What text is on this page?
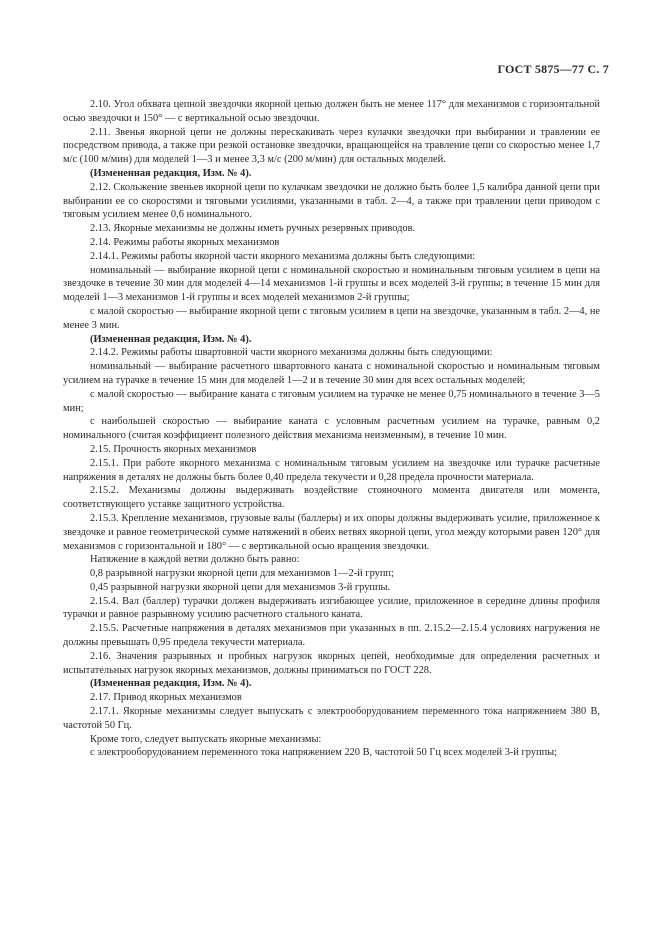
ГОСТ 5875—77 С. 7

2.10. Угол обхвата цепной звездочки якорной цепью должен быть не менее 117° для механизмов с горизонтальной осью звездочки и 150° — с вертикальной осью звездочки.

2.11. Звенья якорной цепи не должны перескакивать через кулачки звездочки при выбирании и травлении ее посредством привода, а также при резкой остановке звездочки, вращающейся на травление цепи со скоростью менее 1,7 м/с (100 м/мин) для моделей 1—3 и менее 3,3 м/с (200 м/мин) для остальных моделей.

(Измененная редакция, Изм. № 4).

2.12. Скольжение звеньев якорной цепи по кулачкам звездочки не должно быть более 1,5 калибра данной цепи при выбирании ее со скоростями и тяговыми усилиями, указанными в табл. 2—4, а также при травлении цепи приводом с тяговым усилием менее 0,6 номинального.

2.13. Якорные механизмы не должны иметь ручных резервных приводов.

2.14. Режимы работы якорных механизмов

2.14.1. Режимы работы якорной части якорного механизма должны быть следующими:

номинальный — выбирание якорной цепи с номинальной скоростью и номинальным тяговым усилием в цепи на звездочке в течение 30 мин для моделей 4—14 механизмов 1-й группы и всех моделей 3-й группы; в течение 15 мин для моделей 1—3 механизмов 1-й группы и всех моделей механизмов 2-й группы;

с малой скоростью — выбирание якорной цепи с тяговым усилием в цепи на звездочке, указанным в табл. 2—4, не менее 3 мин.

(Измененная редакция, Изм. № 4).

2.14.2. Режимы работы швартовной части якорного механизма должны быть следующими:

номинальный — выбирание расчетного швартовного каната с номинальной скоростью и номинальным тяговым усилием на турачке в течение 15 мин для моделей 1—2 и в течение 30 мин для всех остальных моделей;

с малой скоростью — выбирание каната с тяговым усилием на турачке не менее 0,75 номинального в течение 3—5 мин;

с наибольшей скоростью — выбирание каната с условным расчетным усилием на турачке, равным 0,2 номинального (считая коэффициент полезного действия механизма неизменным), в течение 10 мин.

2.15. Прочность якорных механизмов

2.15.1. При работе якорного механизма с номинальным тяговым усилием на звездочке или турачке расчетные напряжения в деталях не должны быть более 0,40 предела текучести и 0,28 предела прочности материала.

2.15.2. Механизмы должны выдерживать воздействие стояночного момента двигателя или момента, соответствующего уставке защитного устройства.

2.15.3. Крепление механизмов, грузовые валы (баллеры) и их опоры должны выдерживать усилие, приложенное к звездочке и равное геометрической сумме натяжений в обеих ветвях якорной цепи, угол между которыми равен 120° для механизмов с горизонтальной и 180° — с вертикальной осью вращения звездочки.

Натяжение в каждой ветви должно быть равно:

0,8 разрывной нагрузки якорной цепи для механизмов 1—2-й групп;

0,45 разрывной нагрузки якорной цепи для механизмов 3-й группы.

2.15.4. Вал (баллер) турачки должен выдерживать изгибающее усилие, приложенное в середине длины профиля турачки и равное разрывному усилию расчетного стального каната.

2.15.5. Расчетные напряжения в деталях механизмов при указанных в пп. 2.15.2—2.15.4 условиях нагружения не должны превышать 0,95 предела текучести материала.

2.16. Значения разрывных и пробных нагрузок якорных цепей, необходимые для определения расчетных и испытательных нагрузок якорных механизмов, должны приниматься по ГОСТ 228.

(Измененная редакция, Изм. № 4).

2.17. Привод якорных механизмов

2.17.1. Якорные механизмы следует выпускать с электрооборудованием переменного тока напряжением 380 В, частотой 50 Гц.

Кроме того, следует выпускать якорные механизмы:

с электрооборудованием переменного тока напряжением 220 В, частотой 50 Гц всех моделей 3-й группы;
